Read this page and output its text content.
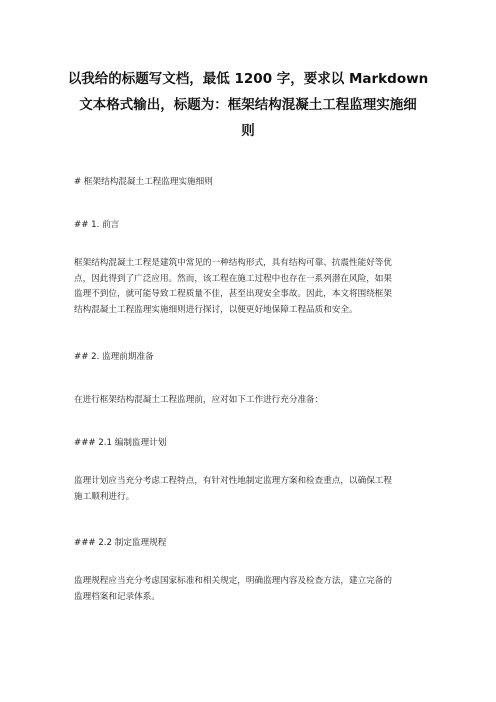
以我给的标题写文档，最低 1200 字，要求以 Markdown
文本格式输出，标题为：框架结构混凝土工程监理实施细
则
# 框架结构混凝土工程监理实施细则
## 1. 前言
框架结构混凝土工程是建筑中常见的一种结构形式，具有结构可靠、抗震性能好等优
点，因此得到了广泛应用。然而，该工程在施工过程中也存在一系列潜在风险，如果
监理不到位，就可能导致工程质量不佳，甚至出现安全事故。因此，本文将围绕框架
结构混凝土工程监理实施细则进行探讨，以便更好地保障工程品质和安全。
## 2. 监理前期准备
在进行框架结构混凝土工程监理前，应对如下工作进行充分准备：
### 2.1 编制监理计划
监理计划应当充分考虑工程特点，有针对性地制定监理方案和检查重点，以确保工程
施工顺利进行。
### 2.2 制定监理规程
监理规程应当充分考虑国家标准和相关规定，明确监理内容及检查方法，建立完备的
监理档案和记录体系。
